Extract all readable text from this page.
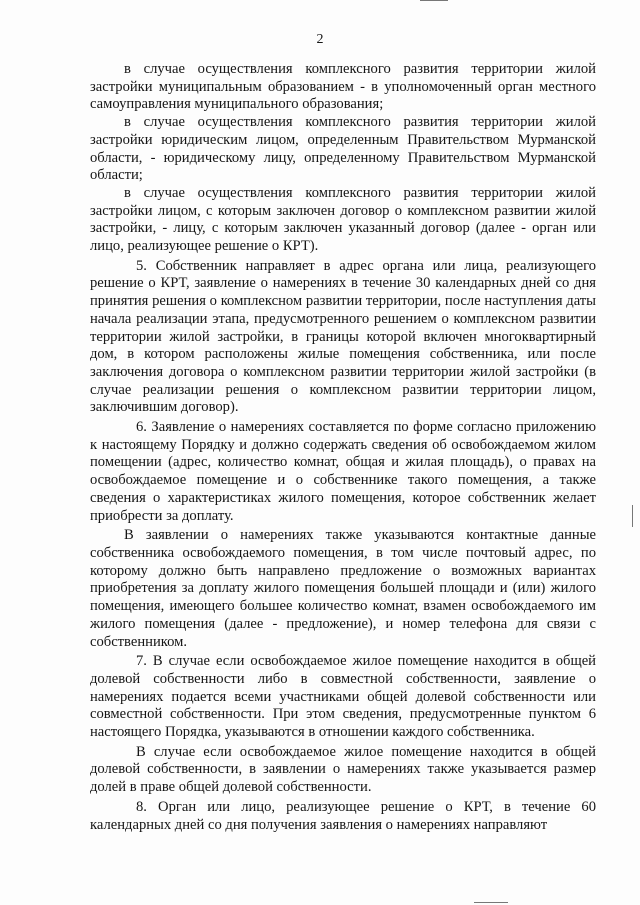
2

в случае осуществления комплексного развития территории жилой застройки муниципальным образованием - в уполномоченный орган местного самоуправления муниципального образования;

в случае осуществления комплексного развития территории жилой застройки юридическим лицом, определенным Правительством Мурманской области, - юридическому лицу, определенному Правительством Мурманской области;

в случае осуществления комплексного развития территории жилой застройки лицом, с которым заключен договор о комплексном развитии жилой застройки, - лицу, с которым заключен указанный договор (далее - орган или лицо, реализующее решение о КРТ).

5. Собственник направляет в адрес органа или лица, реализующего решение о КРТ, заявление о намерениях в течение 30 календарных дней со дня принятия решения о комплексном развитии территории, после наступления даты начала реализации этапа, предусмотренного решением о комплексном развитии территории жилой застройки, в границы которой включен многоквартирный дом, в котором расположены жилые помещения собственника, или после заключения договора о комплексном развитии территории жилой застройки (в случае реализации решения о комплексном развитии территории лицом, заключившим договор).

6. Заявление о намерениях составляется по форме согласно приложению к настоящему Порядку и должно содержать сведения об освобождаемом жилом помещении (адрес, количество комнат, общая и жилая площадь), о правах на освобождаемое помещение и о собственнике такого помещения, а также сведения о характеристиках жилого помещения, которое собственник желает приобрести за доплату.

В заявлении о намерениях также указываются контактные данные собственника освобождаемого помещения, в том числе почтовый адрес, по которому должно быть направлено предложение о возможных вариантах приобретения за доплату жилого помещения большей площади и (или) жилого помещения, имеющего большее количество комнат, взамен освобождаемого им жилого помещения (далее - предложение), и номер телефона для связи с собственником.

7. В случае если освобождаемое жилое помещение находится в общей долевой собственности либо в совместной собственности, заявление о намерениях подается всеми участниками общей долевой собственности или совместной собственности. При этом сведения, предусмотренные пунктом 6 настоящего Порядка, указываются в отношении каждого собственника.

В случае если освобождаемое жилое помещение находится в общей долевой собственности, в заявлении о намерениях также указывается размер долей в праве общей долевой собственности.

8. Орган или лицо, реализующее решение о КРТ, в течение 60 календарных дней со дня получения заявления о намерениях направляют
